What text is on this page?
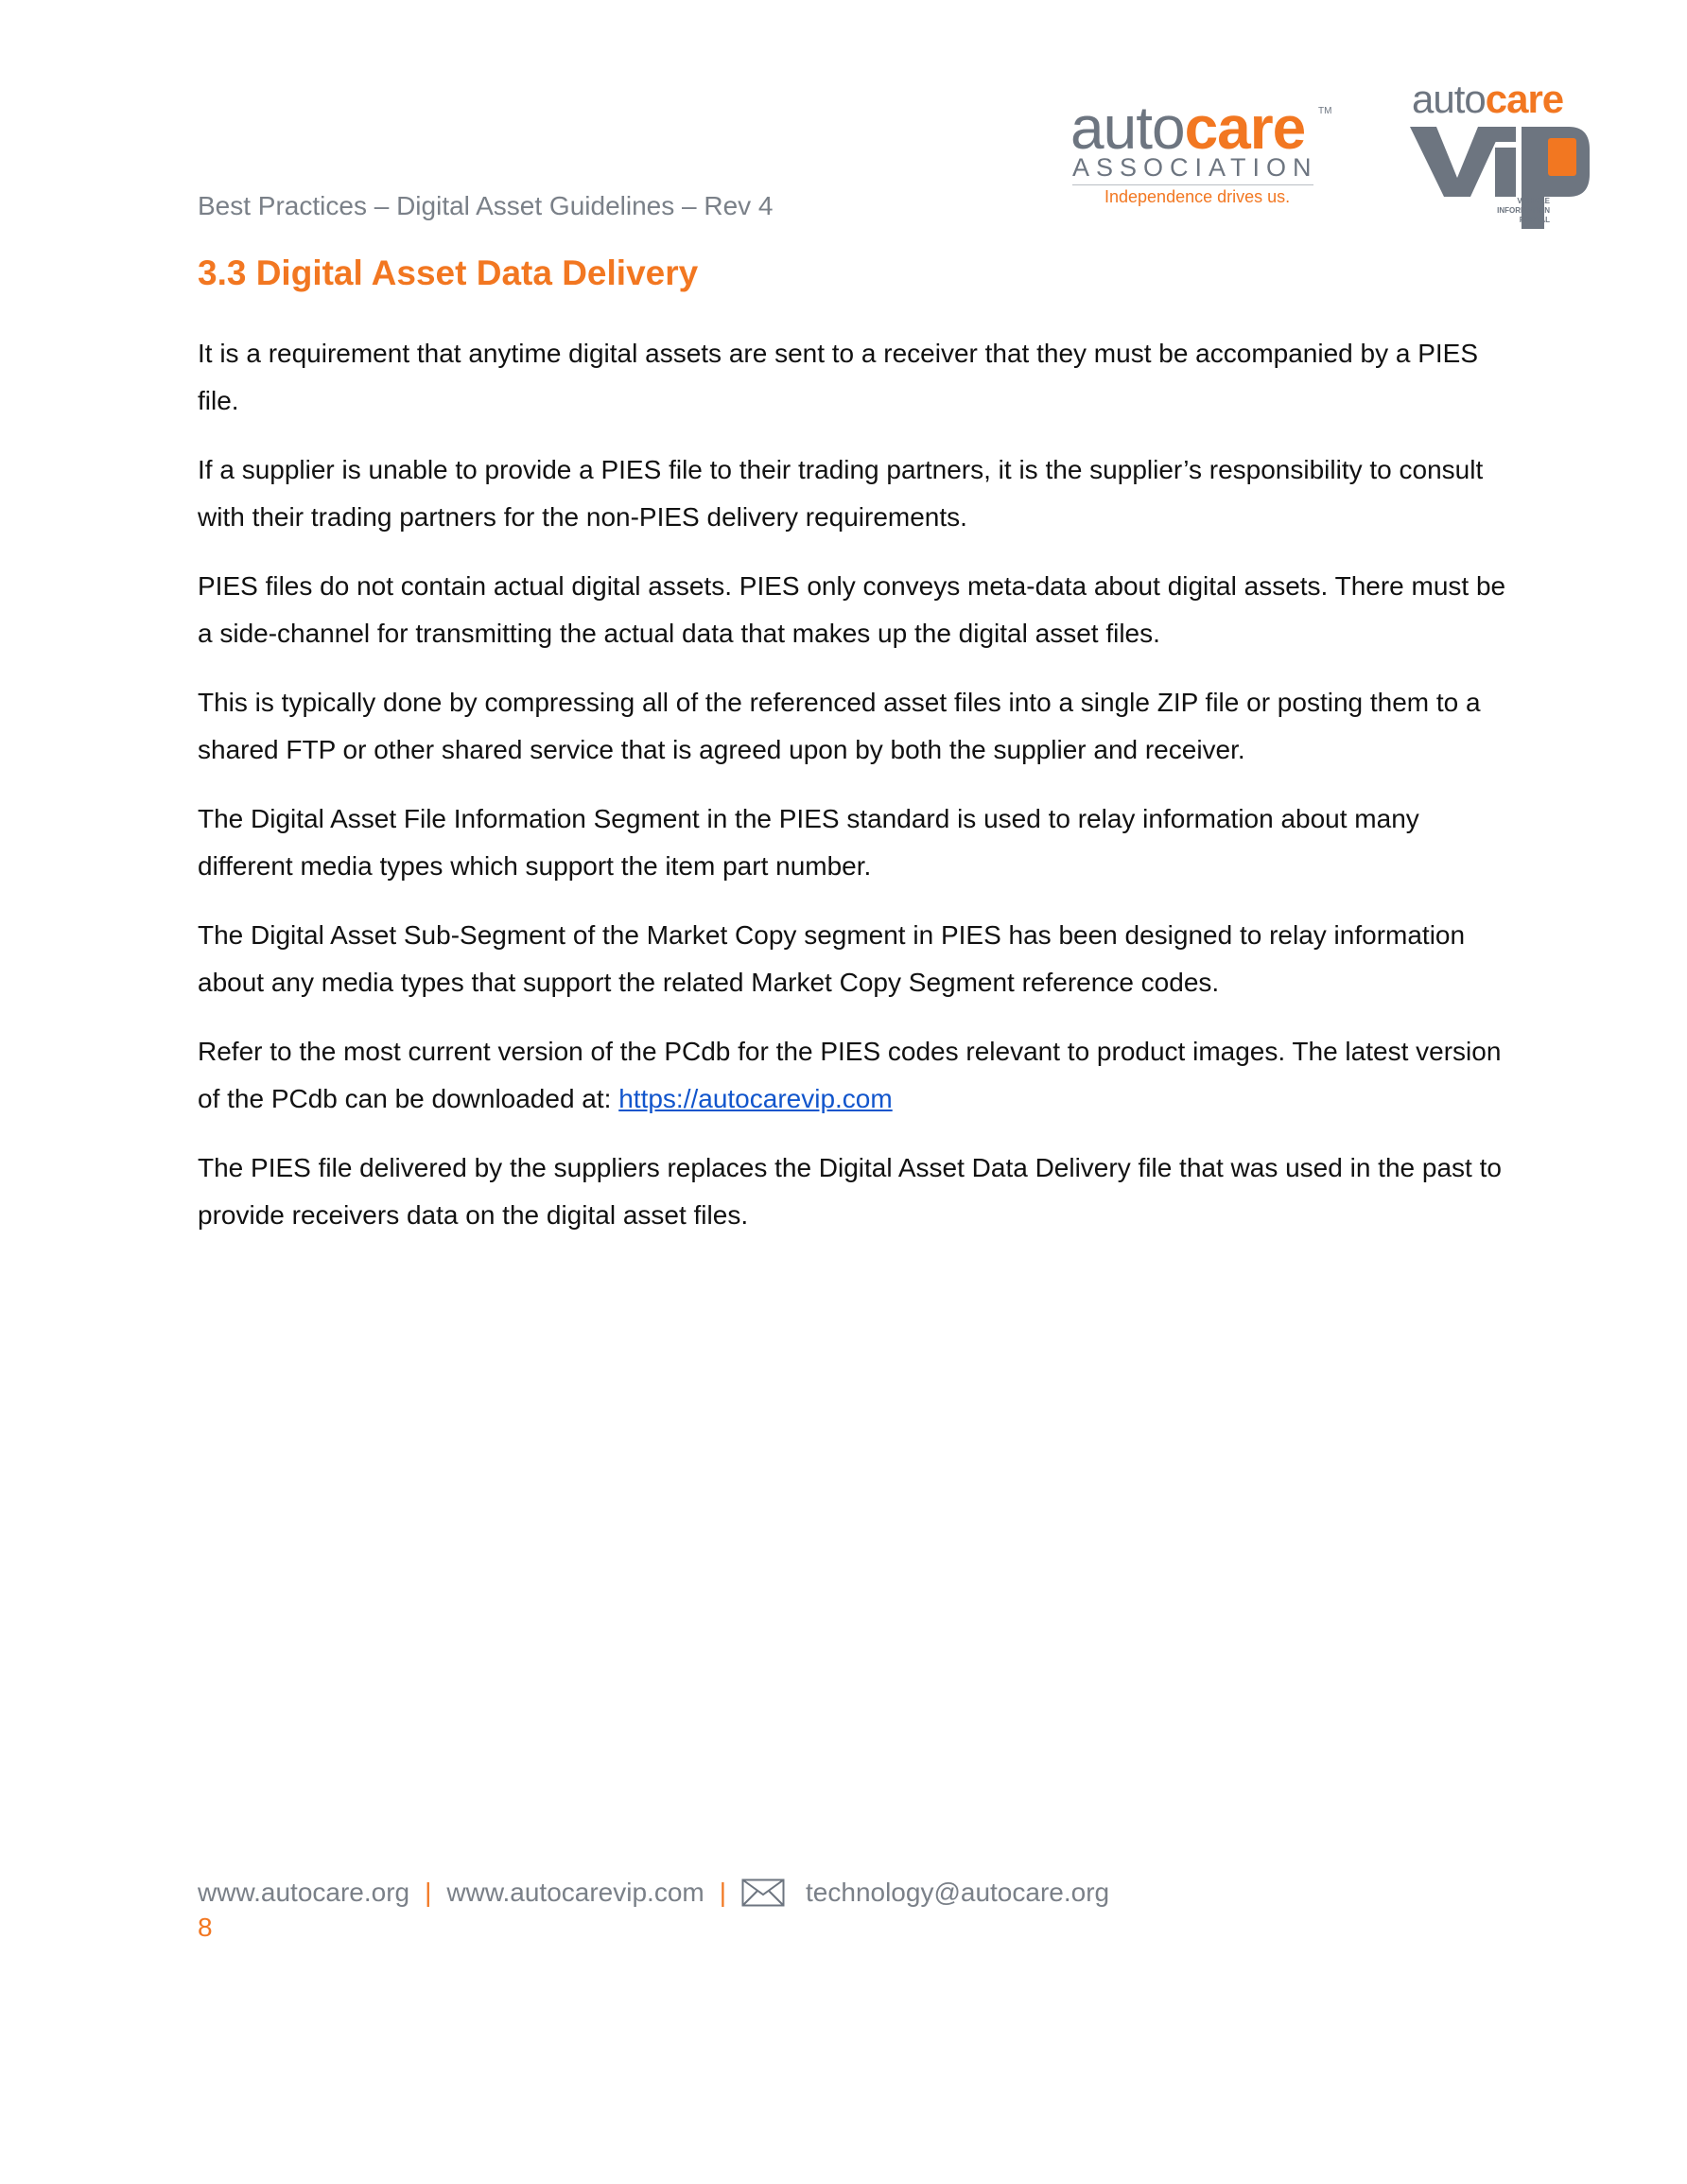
Best Practices – Digital Asset Guidelines – Rev 4
autocare TM
ASSOCIATION
Independence drives us.
autocare
VEHICLE
INFORMATION
PORTAL
3.3 Digital Asset Data Delivery

It is a requirement that anytime digital assets are sent to a receiver that they must be accompanied by a PIES file.

If a supplier is unable to provide a PIES file to their trading partners, it is the supplier’s responsibility to consult with their trading partners for the non-PIES delivery requirements.

PIES files do not contain actual digital assets. PIES only conveys meta-data about digital assets. There must be a side-channel for transmitting the actual data that makes up the digital asset files.

This is typically done by compressing all of the referenced asset files into a single ZIP file or posting them to a shared FTP or other shared service that is agreed upon by both the supplier and receiver.

The Digital Asset File Information Segment in the PIES standard is used to relay information about many different media types which support the item part number.

The Digital Asset Sub-Segment of the Market Copy segment in PIES has been designed to relay information about any media types that support the related Market Copy Segment reference codes.

Refer to the most current version of the PCdb for the PIES codes relevant to product images. The latest version of the PCdb can be downloaded at: https://autocarevip.com

The PIES file delivered by the suppliers replaces the Digital Asset Data Delivery file that was used in the past to provide receivers data on the digital asset files.

www.autocare.org | www.autocarevip.com |	technology@autocare.org
8
